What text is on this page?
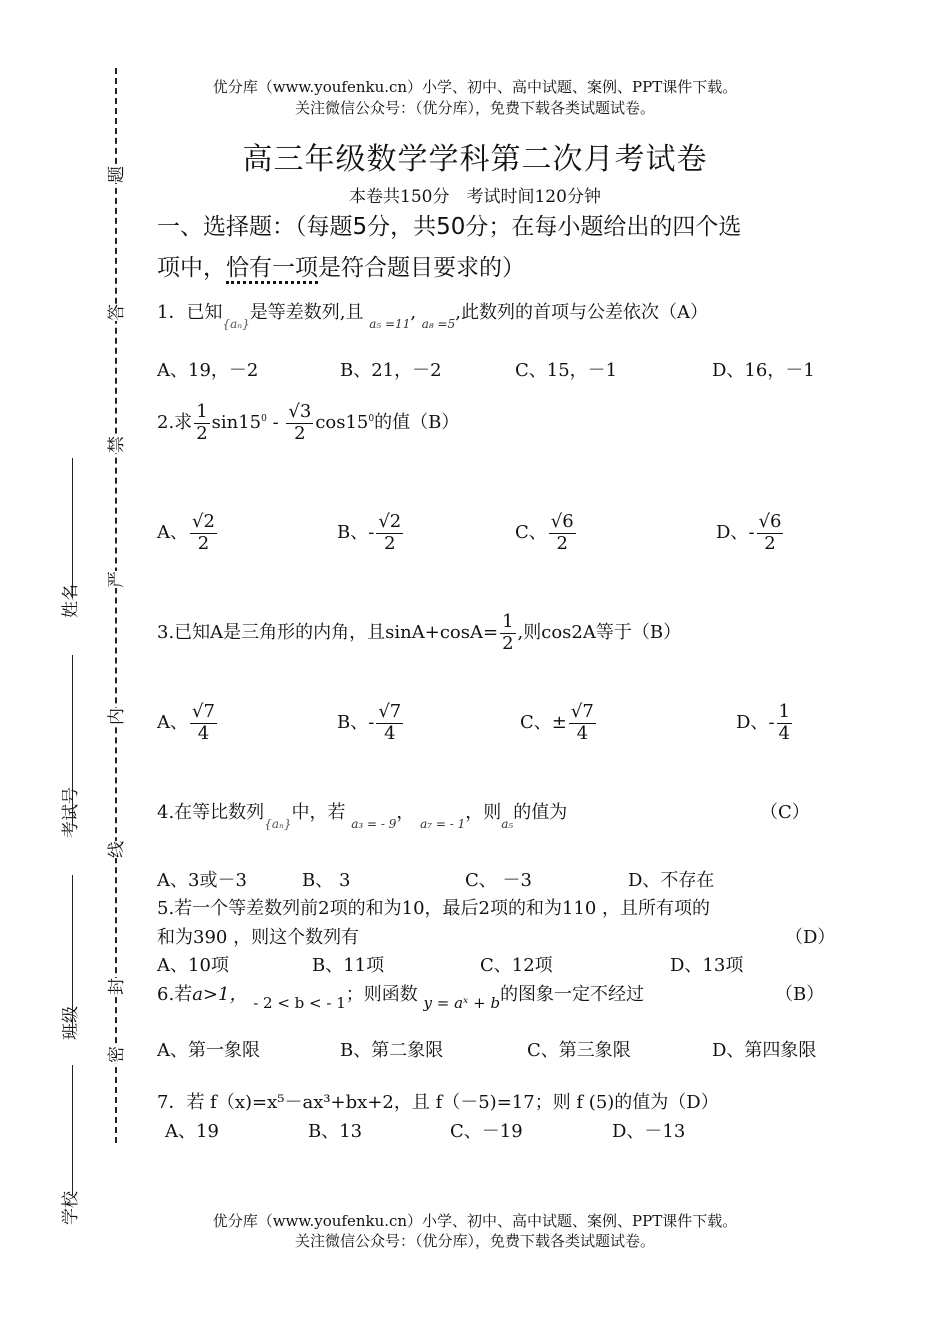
优分库（www.youfenku.cn）小学、初中、高中试题、案例、PPT课件下载。
关注微信公众号：（优分库），免费下载各类试题试卷。
题
答
禁
严
内
线
封
密
姓名
考试号
班级
学校
高三年级数学学科第二次月考试卷
本卷共150分　考试时间120分钟
一、选择题：（每题5分，共50分；在每小题给出的四个选
项中，恰有一项是符合题目要求的）
1．已知$_{\{a_n\}}$是等差数列,且 $_{a_5 =11}$, $_{a_8 =5}$,此数列的首项与公差依次（A）
A、19，－2	B、21，－2	C、15，－1	D、16，－1
2.求 $\frac{1}{2} \sin 15^0 - \frac{√3}{2} \cos 15^0$的值（B）
A、 $\frac{√2}{2}$	B、- $\frac{√2}{2}$	C、 $\frac{√6}{2}$	D、- $\frac{√6}{2}$
3.已知A是三角形的内角，且$\sin A+\cos A= \frac{1}{2}$ ,则cos2A等于（B）
A、 $\frac{√7}{4}$	B、- $\frac{√7}{4}$	C、± $\frac{√7}{4}$	D、- $\frac{1}{4}$
4.在等比数列$_{\{a_n\}}$中，若 $_{a_3 = - 9}$， $_{a_7 = - 1}$，则$_{a_5}$的值为	（C）
A、3或－3	B、 3	C、 －3	D、不存在
5.若一个等差数列前2项的和为10，最后2项的和为110 ，且所有项的
和为390 ，则这个数列有	（D）
A、10项	B、11项	C、12项	D、13项
6.若a>1， $_{- 2 < b < - 1}$；则函数 $_{y = aˣ + b}$的图象一定不经过	（B）
A、第一象限	B、第二象限	C、第三象限	D、第四象限
7．若 f（x)=x⁵－ax³+bx+2，且 f（－5)=17；则 f (5)的值为（D）
A、19	B、13	C、－19	D、－13
优分库（www.youfenku.cn）小学、初中、高中试题、案例、PPT课件下载。
关注微信公众号：（优分库），免费下载各类试题试卷。
